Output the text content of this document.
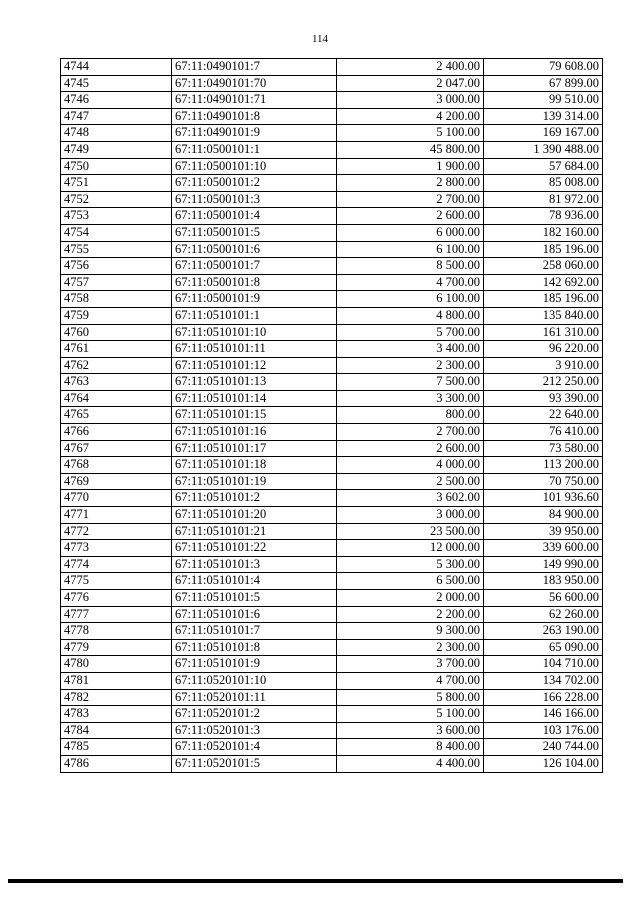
114
4744	67:11:0490101:7	2 400.00	79 608.00
4745	67:11:0490101:70	2 047.00	67 899.00
4746	67:11:0490101:71	3 000.00	99 510.00
4747	67:11:0490101:8	4 200.00	139 314.00
4748	67:11:0490101:9	5 100.00	169 167.00
4749	67:11:0500101:1	45 800.00	1 390 488.00
4750	67:11:0500101:10	1 900.00	57 684.00
4751	67:11:0500101:2	2 800.00	85 008.00
4752	67:11:0500101:3	2 700.00	81 972.00
4753	67:11:0500101:4	2 600.00	78 936.00
4754	67:11:0500101:5	6 000.00	182 160.00
4755	67:11:0500101:6	6 100.00	185 196.00
4756	67:11:0500101:7	8 500.00	258 060.00
4757	67:11:0500101:8	4 700.00	142 692.00
4758	67:11:0500101:9	6 100.00	185 196.00
4759	67:11:0510101:1	4 800.00	135 840.00
4760	67:11:0510101:10	5 700.00	161 310.00
4761	67:11:0510101:11	3 400.00	96 220.00
4762	67:11:0510101:12	2 300.00	3 910.00
4763	67:11:0510101:13	7 500.00	212 250.00
4764	67:11:0510101:14	3 300.00	93 390.00
4765	67:11:0510101:15	800.00	22 640.00
4766	67:11:0510101:16	2 700.00	76 410.00
4767	67:11:0510101:17	2 600.00	73 580.00
4768	67:11:0510101:18	4 000.00	113 200.00
4769	67:11:0510101:19	2 500.00	70 750.00
4770	67:11:0510101:2	3 602.00	101 936.60
4771	67:11:0510101:20	3 000.00	84 900.00
4772	67:11:0510101:21	23 500.00	39 950.00
4773	67:11:0510101:22	12 000.00	339 600.00
4774	67:11:0510101:3	5 300.00	149 990.00
4775	67:11:0510101:4	6 500.00	183 950.00
4776	67:11:0510101:5	2 000.00	56 600.00
4777	67:11:0510101:6	2 200.00	62 260.00
4778	67:11:0510101:7	9 300.00	263 190.00
4779	67:11:0510101:8	2 300.00	65 090.00
4780	67:11:0510101:9	3 700.00	104 710.00
4781	67:11:0520101:10	4 700.00	134 702.00
4782	67:11:0520101:11	5 800.00	166 228.00
4783	67:11:0520101:2	5 100.00	146 166.00
4784	67:11:0520101:3	3 600.00	103 176.00
4785	67:11:0520101:4	8 400.00	240 744.00
4786	67:11:0520101:5	4 400.00	126 104.00
